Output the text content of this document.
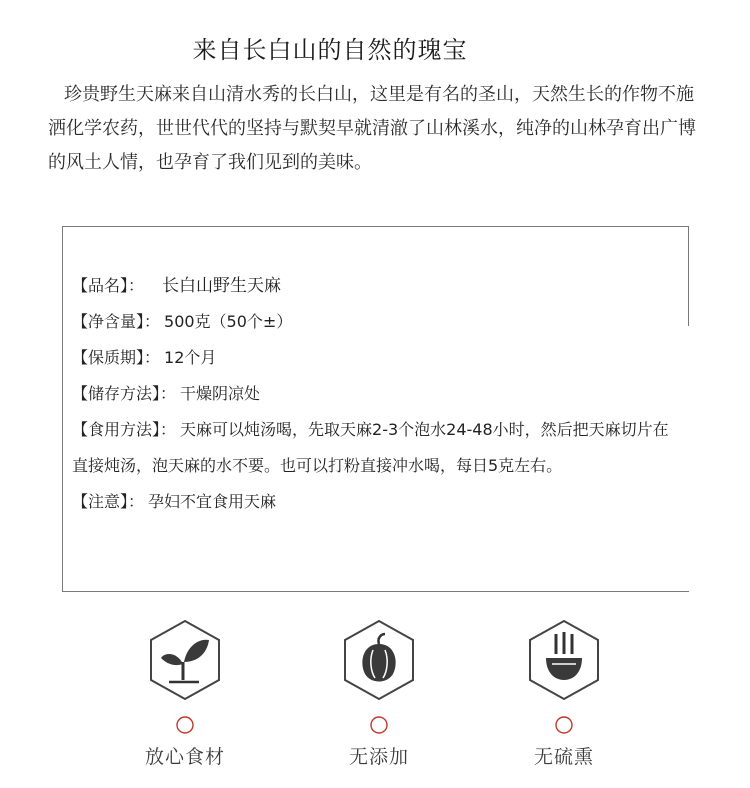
来自长白山的自然的瑰宝
珍贵野生天麻来自山清水秀的长白山，这里是有名的圣山，天然生长的作物不施洒化学农药，世世代代的坚持与默契早就清澈了山林溪水，纯净的山林孕育出广博的风土人情，也孕育了我们见到的美味。

【品名】： 长白山野生天麻

【净含量】： 500克（50个±）

【保质期】： 12个月

【储存方法】： 干燥阴凉处

【食用方法】： 天麻可以炖汤喝，先取天麻2-3个泡水24-48小时，然后把天麻切片在直接炖汤，泡天麻的水不要。也可以打粉直接冲水喝，每日5克左右。

【注意】： 孕妇不宜食用天麻

放心食材	无添加	无硫熏
